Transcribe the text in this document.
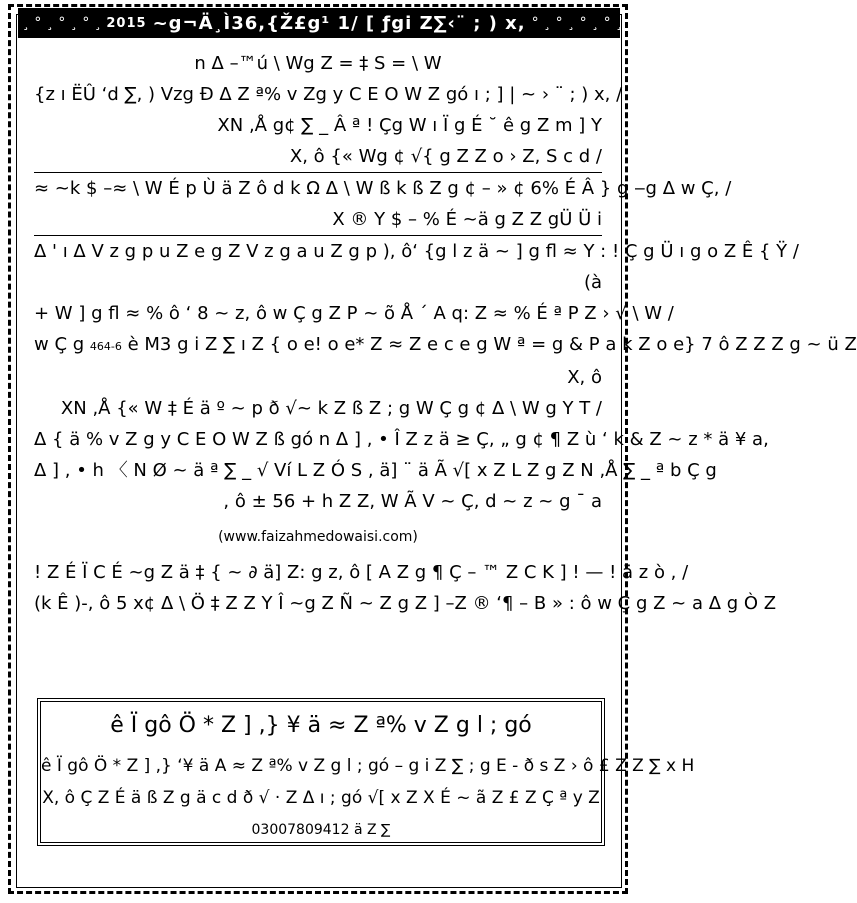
°¸°¸°¸°¸ 2015 ~g¬Ä¸Ì36,{Ž£g¹ 1/ [ ƒgi Z∑‹¨ ; ) x, °¸°¸°¸°¸
n Δ –™ú \ Wg Z = ‡ S = \ W
{z ı ËÛ ‘d ∑, ) Vzg Ð Δ Z ª% v Zg y C E O W Z gó ı ; ] | ~ › ¨ ; ) x, /
XN ,Å g¢ ∑ _ Â ª ! Çg W ı Ï g É ˘ ê g Z m ] Y
X, ô {« Wg ¢ √{ g Z Z o › Z, S c d /
≈ ~k $ –≈ \ W É p Ù ä Z ô d k Ω Δ \ W ß k ß Z g ¢ – » ¢ 6% É Â } g ‒g Δ w Ç, /
X ® Y $ – % É ~ä g Z Z gÜ Ü i
Δ ' ı Δ V z g p u Z e g Z V z g a u Z g p ), ô‘ {g l z ä ~ ] g fl ≈ Y : ! Ç g Ü ı g o Z Ê { Ÿ /
(à
+ W ] g fl ≈ % ô ‘ 8 ~ z, ô w Ç g Z P ~ õ Å ´ A q: Z ≈ % É ª P Z › √ \ W /
w Ç g 464-6 è M3 g i Z ∑ ı Z { o e! o e* Z ≈ Z e c e g W ª = g & P a k Z o e} 7 ô Z Z Z g ~ ü Z
X, ô
XN ,Å {« W ‡ É ä º ~ p ð √~ k Z ß Z ; g W Ç g ¢ Δ \ W g Y T /
Δ { ä % v Z g y C E O W Z ß gó n Δ ] , • Î Z z ä ≥ Ç, „ g ¢ ¶ Z ù ‘ k & Z ~ z * ä ¥ a,
Δ ] , • h 〈 N Ø ~ ä ª ∑ _ √ Ví L Z Ó S , ä] ¨ ä Ã √[ x Z L Z g Z N ,Å ∑ _ ª b Ç g
, ô ± 56 + h Z Z, W Ã V ~ Ç, d ~ z ~ g ¯ a
(www.faizahmedowaisi.com)
! Z É Ï C É ~g Z ä ‡ { ~ ∂ ä] Z: g z, ô [ A Z g ¶ Ç – ™ Z C K ] ! — ! ä z ò , /
(k Ê )-, ô 5 x¢ Δ \ Ö ‡ Z Z Y Î ~g Z Ñ ~ Z g Z ] –Z ® ‘¶ – B » : ô w Ç g Z ~ a Δ g Ò Z
ê Ï gô Ö * Z ] ,} ¥ ä ≈ Z ª% v Z g l ; gó
ê Ï gô Ö * Z ] ,} ‘¥ ä A ≈ Z ª% v Z g l ; gó – g i Z ∑ ; g E - ð s Z › ô £ Z Z ∑ x H
X, ô Ç Z É ä ß Z g ä c d ð √ · Z Δ ı ; gó √[ x Z X É ~ ã Z £ Z Ç ª y Z
03007809412 ä Z ∑
